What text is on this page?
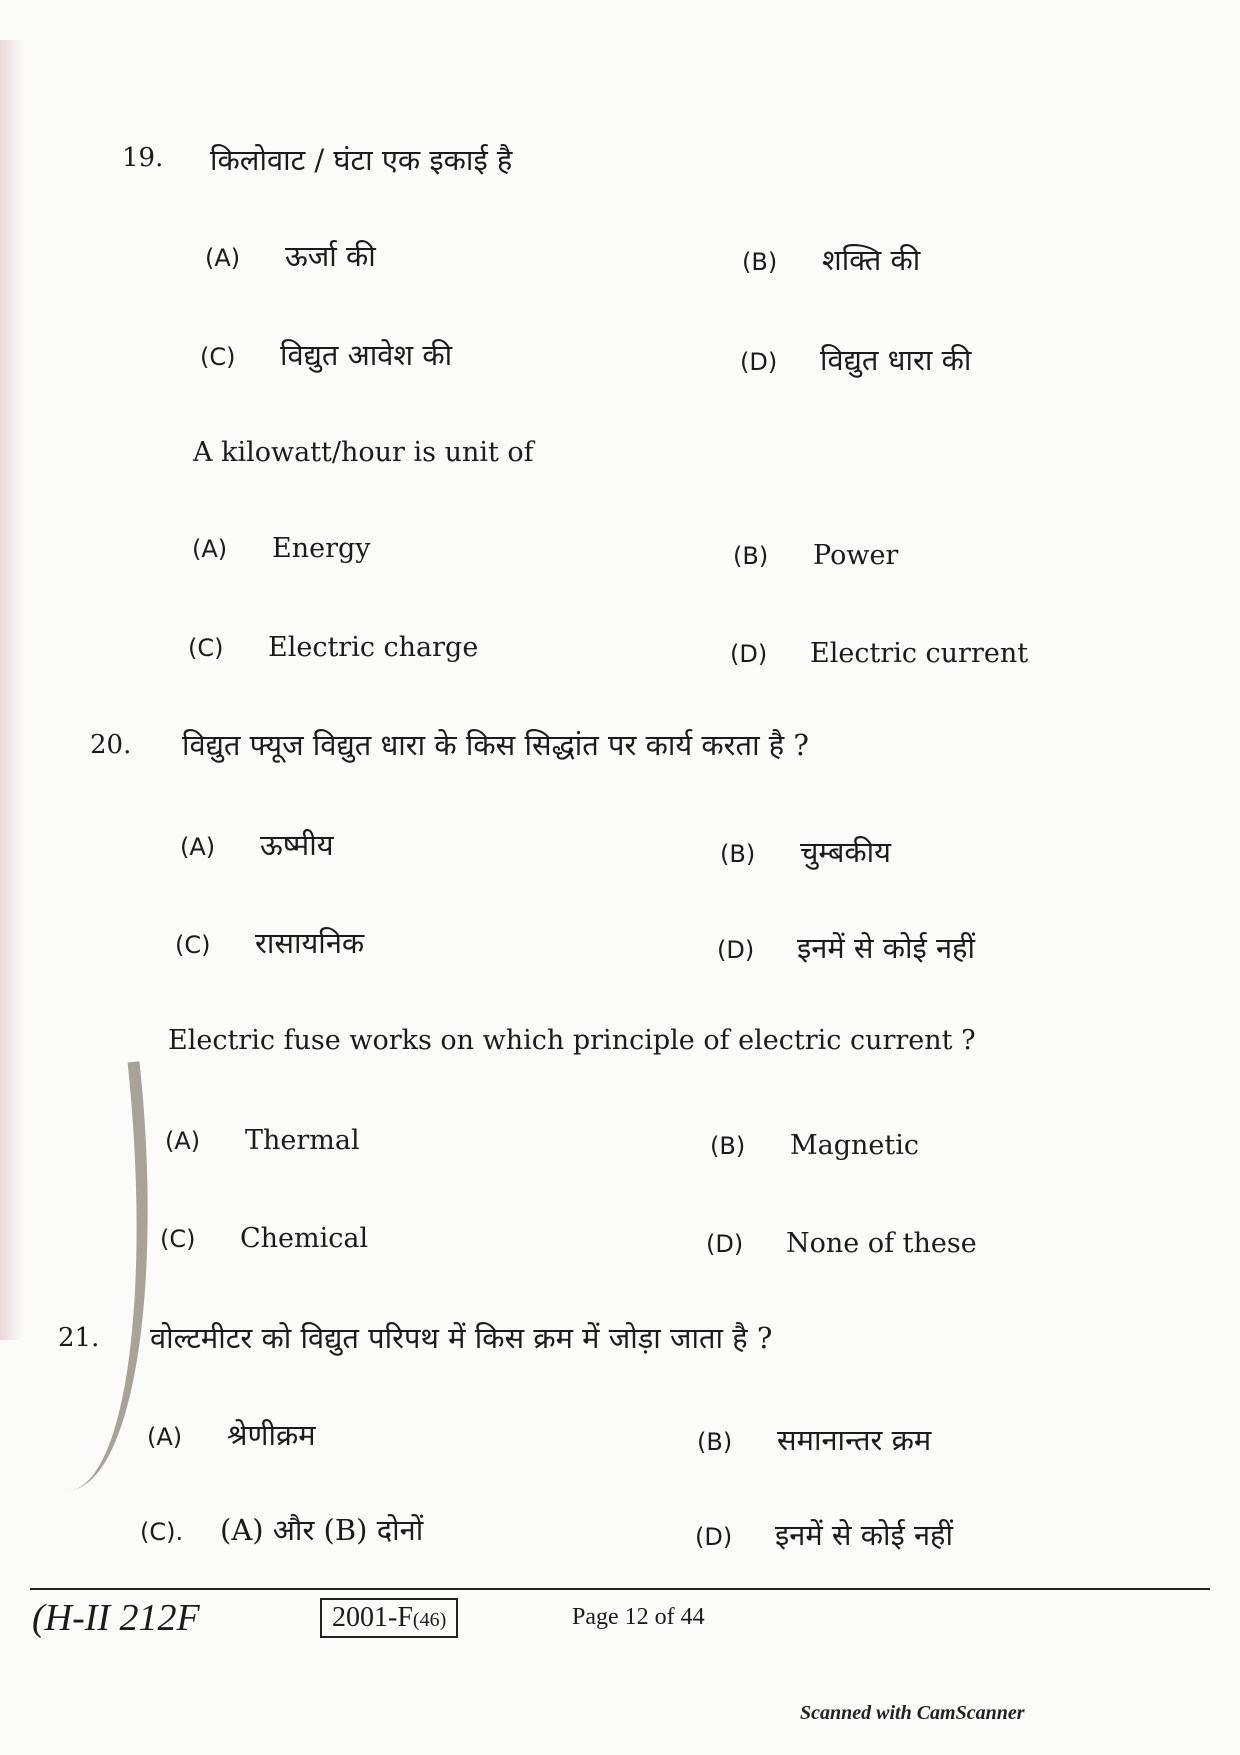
19. किलोवाट / घंटा एक इकाई है
(A) ऊर्जा की	(B) शक्ति की
(C) विद्युत आवेश की	(D) विद्युत धारा की
A kilowatt/hour is unit of
(A) Energy	(B) Power
(C) Electric charge	(D) Electric current
20. विद्युत फ्यूज विद्युत धारा के किस सिद्धांत पर कार्य करता है ?
(A) ऊष्मीय	(B) चुम्बकीय
(C) रासायनिक	(D) इनमें से कोई नहीं
Electric fuse works on which principle of electric current ?
(A) Thermal	(B) Magnetic
(C) Chemical	(D) None of these
21. वोल्टमीटर को विद्युत परिपथ में किस क्रम में जोड़ा जाता है ?
(A) श्रेणीक्रम	(B) समानान्तर क्रम
(C). (A) और (B) दोनों	(D) इनमें से कोई नहीं
(H-II 212F	2001-F(46)	Page 12 of 44
Scanned with CamScanner
